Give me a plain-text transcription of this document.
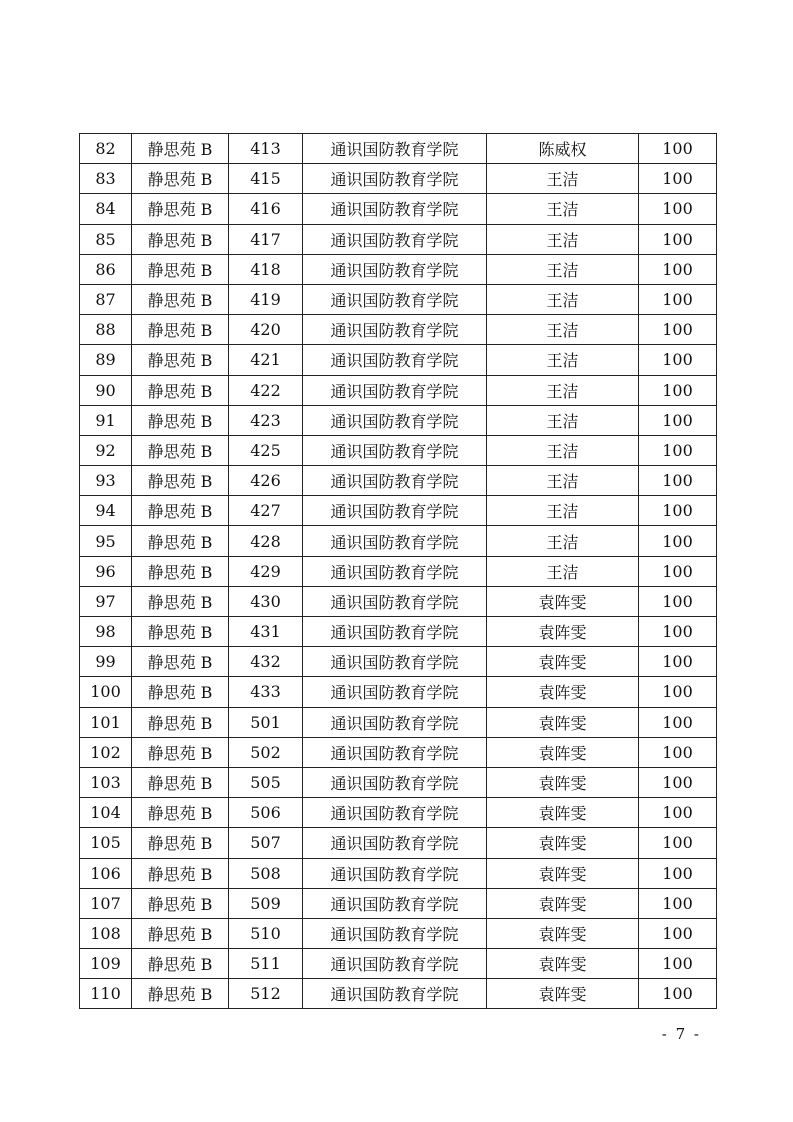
82	静思苑 B	413	通识国防教育学院	陈威权	100
83	静思苑 B	415	通识国防教育学院	王洁	100
84	静思苑 B	416	通识国防教育学院	王洁	100
85	静思苑 B	417	通识国防教育学院	王洁	100
86	静思苑 B	418	通识国防教育学院	王洁	100
87	静思苑 B	419	通识国防教育学院	王洁	100
88	静思苑 B	420	通识国防教育学院	王洁	100
89	静思苑 B	421	通识国防教育学院	王洁	100
90	静思苑 B	422	通识国防教育学院	王洁	100
91	静思苑 B	423	通识国防教育学院	王洁	100
92	静思苑 B	425	通识国防教育学院	王洁	100
93	静思苑 B	426	通识国防教育学院	王洁	100
94	静思苑 B	427	通识国防教育学院	王洁	100
95	静思苑 B	428	通识国防教育学院	王洁	100
96	静思苑 B	429	通识国防教育学院	王洁	100
97	静思苑 B	430	通识国防教育学院	袁阵雯	100
98	静思苑 B	431	通识国防教育学院	袁阵雯	100
99	静思苑 B	432	通识国防教育学院	袁阵雯	100
100	静思苑 B	433	通识国防教育学院	袁阵雯	100
101	静思苑 B	501	通识国防教育学院	袁阵雯	100
102	静思苑 B	502	通识国防教育学院	袁阵雯	100
103	静思苑 B	505	通识国防教育学院	袁阵雯	100
104	静思苑 B	506	通识国防教育学院	袁阵雯	100
105	静思苑 B	507	通识国防教育学院	袁阵雯	100
106	静思苑 B	508	通识国防教育学院	袁阵雯	100
107	静思苑 B	509	通识国防教育学院	袁阵雯	100
108	静思苑 B	510	通识国防教育学院	袁阵雯	100
109	静思苑 B	511	通识国防教育学院	袁阵雯	100
110	静思苑 B	512	通识国防教育学院	袁阵雯	100
- 7 -
